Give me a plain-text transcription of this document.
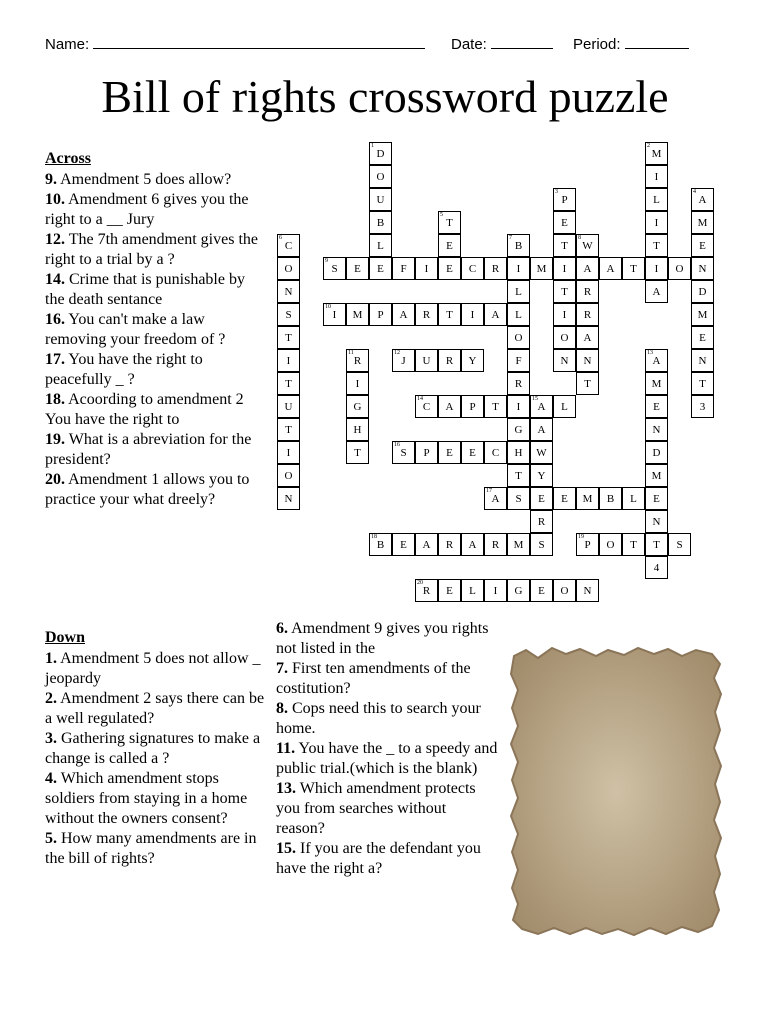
Name:	Date:	Period:
Bill of rights crossword puzzle
1
D
O
U
B
L
E
2
M
I
L
I
T
I
A
3
P
E
T
I
T
I
O
N
4
A
M
E
N
D
M
E
N
T
3
5
T
E
E
6
C
O
N
S
T
I
T
U
T
I
O
N
7
B
I
L
L
O
F
R
I
G
H
T
S
8
W
A
R
R
A
N
T
9
S	E	F	I	C	R	M	A	T	O
10
I	M	P	A	R	T	I	A
11
R
I
G
H
T
12
J	U	R	Y
13
A
M
E
N
D
M
E
N
T
4
14
C	A	P	T
15
A	L
A
W
Y
E
R
16
S	P	E	E	C
17
A	E	M	B	L
18
B	E	A	R	A	R	M	S
19
P	O	T	S
20
R	E	L	I	G	E	O	N
Across
9. Amendment 5 does allow?
10. Amendment 6 gives you the right to a __ Jury
12. The 7th amendment gives the right to a trial by a ?
14. Crime that is punishable by the death sentance
16. You can't make a law removing your freedom of ?
17. You have the right to peacefully _ ?
18. Acoording to amendment 2 You have the right to
19. What is a abreviation for the president?
20. Amendment 1 allows you to practice your what dreely?
Down
1. Amendment 5 does not allow _ jeopardy
2. Amendment 2 says there can be a well regulated?
3. Gathering signatures to make a change is called a ?
4. Which amendment stops soldiers from staying in a home without the owners consent?
5. How many amendments are in the bill of rights?
6. Amendment 9 gives you rights not listed in the
7. First ten amendments of the costitution?
8. Cops need this to search your home.
11. You have the _ to a speedy and public trial.(which is the blank)
13. Which amendment protects you from searches without reason?
15. If you are the defendant you have the right a?
